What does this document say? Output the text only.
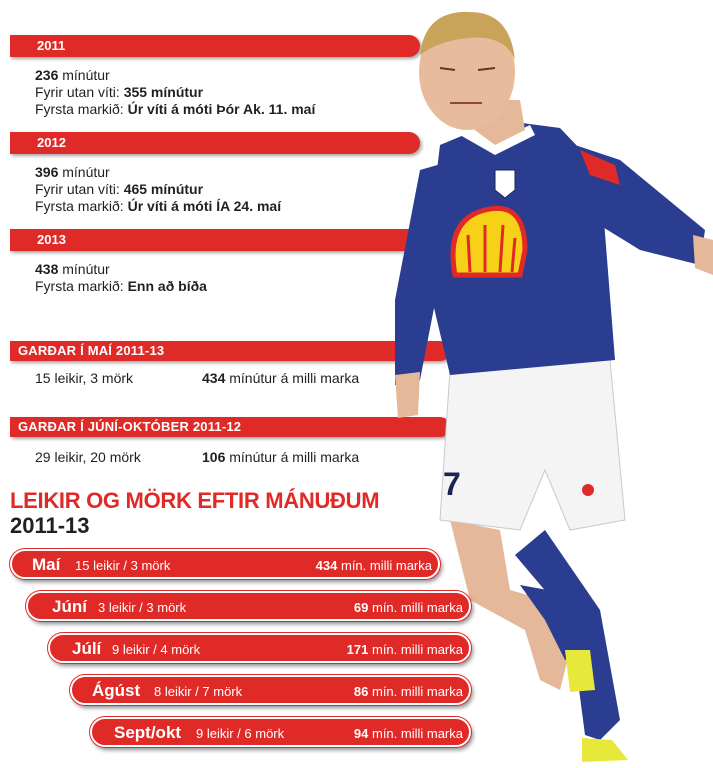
2011
236 mínútur
Fyrir utan víti: 355 mínútur
Fyrsta markið: Úr víti á móti Þór Ak. 11. maí
2012
396 mínútur
Fyrir utan víti: 465 mínútur
Fyrsta markið: Úr víti á móti ÍA 24. maí
2013
438 mínútur
Fyrsta markið: Enn að bíða
GARÐAR Í MAÍ 2011-13
15 leikir, 3 mörk	434 mínútur á milli marka
GARÐAR Í JÚNÍ-OKTÓBER 2011-12
29 leikir, 20 mörk	106 mínútur á milli marka
7
LEIKIR OG MÖRK EFTIR MÁNUÐUM
2011-13
Maí 15 leikir / 3 mörk	434 mín. milli marka
Júní 3 leikir / 3 mörk	69 mín. milli marka
Júlí 9 leikir / 4 mörk	171 mín. milli marka
Ágúst 8 leikir / 7 mörk	86 mín. milli marka
Sept/okt 9 leikir / 6 mörk	94 mín. milli marka
